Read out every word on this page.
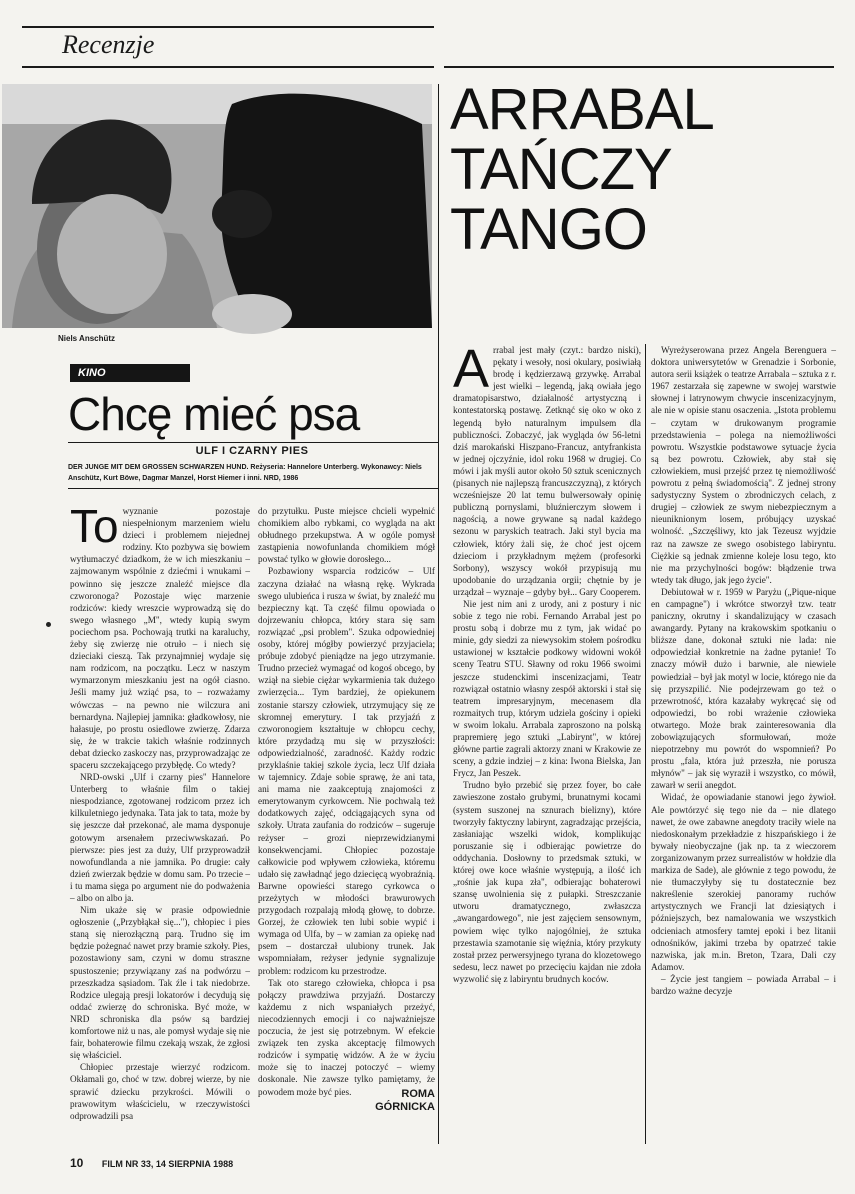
Recenzje
Niels Anschütz
KINO
Chcę mieć psa
ULF I CZARNY PIES
DER JUNGE MIT DEM GROSSEN SCHWARZEN HUND. Reżyseria: Hannelore Unterberg. Wykonawcy: Niels Anschütz, Kurt Böwe, Dagmar Manzel, Horst Hiemer i inni. NRD, 1986
To wyznanie pozostaje niespełnionym marzeniem wielu dzieci i problemem niejednej rodziny. Kto pozbywa się bowiem wytłumaczyć dziadkom, że w ich mieszkaniu – zajmowanym wspólnie z dziećmi i wnukami – powinno się jeszcze znaleźć miejsce dla czworonoga? Pozostaje więc marzenie rodziców: kiedy wreszcie wyprowadzą się do swego własnego „M", wtedy kupią swym pociechom psa. Pochowają trutki na karaluchy, żeby się zwierzę nie otruło – i niech się dzieciaki cieszą. Tak przynajmniej wydaje się nam rodzicom, na początku. Lecz w naszym wymarzonym mieszkaniu jest na ogół ciasno. Jeśli mamy już wziąć psa, to – rozważamy wówczas – na pewno nie wilczura ani bernardyna. Najlepiej jamnika: gładkowłosy, nie hałasuje, po prostu osiedlowe zwierzę. Zdarza się, że w trakcie takich właśnie rodzinnych debat dziecko zaskoczy nas, przyprowadzając ze spaceru szczekającego przybłędę. Co wtedy?

NRD-owski „Ulf i czarny pies" Hannelore Unterberg to właśnie film o takiej niespodziance, zgotowanej rodzicom przez ich kilkuletniego jedynaka. Tata jak to tata, może by się jeszcze dał przekonać, ale mama dysponuje gotowym arsenałem przeciwwskazań. Po pierwsze: pies jest za duży, Ulf przyprowadził nowofundlanda a nie jamnika. Po drugie: cały dzień zwierzak będzie w domu sam. Po trzecie – i tu mama sięga po argument nie do podważenia – albo on albo ja.

Nim ukaże się w prasie odpowiednie ogłoszenie („Przybłąkał się..."), chłopiec i pies staną się nierozłączną parą. Trudno się im będzie pożegnać nawet przy bramie szkoły. Pies, pozostawiony sam, czyni w domu straszne spustoszenie; przywiązany zaś na podwórzu – przeszkadza sąsiadom. Tak źle i tak niedobrze. Rodzice ulegają presji lokatorów i decydują się oddać zwierzę do schroniska. Być może, w NRD schroniska dla psów są bardziej komfortowe niż u nas, ale pomysł wydaje się nie fair, bohaterowie filmu czekają wszak, że zgłosi się właściciel.

Chłopiec przestaje wierzyć rodzicom. Okłamali go, choć w tzw. dobrej wierze, by nie sprawić dziecku przykrości. Mówili o prawowitym właścicielu, w rzeczywistości odprowadzili psa

do przytułku. Puste miejsce chcieli wypełnić chomikiem albo rybkami, co wygląda na akt obłudnego przekupstwa. A w ogóle pomysł zastąpienia nowofunlanda chomikiem mógł powstać tylko w głowie dorosłego...

Pozbawiony wsparcia rodziców – Ulf zaczyna działać na własną rękę. Wykrada swego ulubieńca i rusza w świat, by znaleźć mu bezpieczny kąt. Ta część filmu opowiada o dojrzewaniu chłopca, który stara się sam rozwiązać „psi problem". Szuka odpowiedniej osoby, której mógłby powierzyć przyjaciela; próbuje zdobyć pieniądze na jego utrzymanie. Trudno przecież wymagać od kogoś obcego, by wziął na siebie ciężar wykarmienia tak dużego zwierzęcia... Tym bardziej, że opiekunem zostanie starszy człowiek, utrzymujący się ze skromnej emerytury. I tak przyjaźń z czworonogiem kształtuje w chłopcu cechy, które przydadzą mu się w przyszłości: odpowiedzialność, zaradność. Każdy rodzic przyklaśnie takiej szkole życia, lecz Ulf działa w tajemnicy. Zdaje sobie sprawę, że ani tata, ani mama nie zaakceptują znajomości z emerytowanym cyrkowcem. Nie pochwalą też dodatkowych zajęć, odciągających syna od szkoły. Utrata zaufania do rodziców – sugeruje reżyser – grozi nieprzewidzianymi konsekwencjami. Chłopiec pozostaje całkowicie pod wpływem człowieka, któremu udało się zawładnąć jego dziecięcą wyobraźnią. Barwne opowieści starego cyrkowca o przeżytych w młodości brawurowych przygodach rozpalają młodą głowę, to dobrze. Gorzej, że człowiek ten lubi sobie wypić i wymaga od Ulfa, by – w zamian za opiekę nad psem – dostarczał ulubiony trunek. Jak wspomniałam, reżyser jedynie sygnalizuje problem: rodzicom ku przestrodze.

Tak oto starego człowieka, chłopca i psa połączy prawdziwa przyjaźń. Dostarczy każdemu z nich wspaniałych przeżyć, niecodziennych emocji i co najważniejsze poczucia, że jest się potrzebnym. W efekcie związek ten zyska akceptację filmowych rodziców i sympatię widzów. A że w życiu może się to inaczej potoczyć – wiemy doskonale. Nie zawsze tylko pamiętamy, że powodem może być pies.	ROMA
GÓRNICKA
ARRABAL
TAŃCZY
TANGO
A rrabal jest mały (czyt.: bardzo niski), pękaty i wesoły, nosi okulary, posiwiałą brodę i kędzierzawą grzywkę. Arrabal jest wielki – legendą, jaką owiała jego dramatopisarstwo, działalność artystyczną i kontestatorską postawę. Zetknąć się oko w oko z legendą było naturalnym impulsem dla publiczności. Zobaczyć, jak wygląda ów 56-letni dziś marokański Hiszpano-Francuz, antyfrankista w jednej ojczyźnie, idol roku 1968 w drugiej. Co mówi i jak myśli autor około 50 sztuk scenicznych (pisanych nie najlepszą francuszczyzną), z których wcześniejsze 20 lat temu bulwersowały opinię publiczną pornyslami, bluźnierczym słowem i nagością, a nowe grywane są nadal każdego sezonu w paryskich teatrach. Jaki styl bycia ma człowiek, który żali się, że choć jest ojcem dzieciom i przykładnym mężem (profesorki Sorbony), wszyscy wokół przypisują mu upodobanie do urządzania orgii; chętnie by je urządzał – wyznaje – gdyby był... Gary Cooperem.

Nie jest nim ani z urody, ani z postury i nic sobie z tego nie robi. Fernando Arrabal jest po prostu sobą i dobrze mu z tym, jak widać po minie, gdy siedzi za niewysokim stołem pośrodku ustawionej w kształcie podkowy widowni wokół sceny Teatru STU. Sławny od roku 1966 swoimi jeszcze studenckimi inscenizacjami, Teatr rozwiązał ostatnio własny zespół aktorski i stał się teatrem impresaryjnym, mecenasem dla rozmaitych trup, którym udziela gościny i opieki w swoim lokalu. Arrabala zaproszono na polską prapremierę jego sztuki „Labirynt", w której główne partie zagrali aktorzy znani w Krakowie ze sceny, a gdzie indziej – z kina: Iwona Bielska, Jan Frycz, Jan Peszek.

Trudno było przebić się przez foyer, bo całe zawieszone zostało grubymi, brunatnymi kocami (system suszonej na sznurach bielizny), które tworzyły faktyczny labirynt, zagradzając przejścia, zasłaniając wszelki widok, komplikując poruszanie się i odbierając powietrze do oddychania. Dosłowny to przedsmak sztuki, w której owe koce właśnie występują, a ilość ich „rośnie jak kupa zła", odbierając bohaterowi szansę uwolnienia się z pułapki. Streszczanie utworu dramatycznego, zwłaszcza „awangardowego", nie jest zajęciem sensownym, powiem więc tylko najogólniej, że sztuka przestawia szamotanie się więźnia, który przykuty został przez perwersyjnego tyrana do klozetowego sedesu, lecz nawet po przecięciu kajdan nie zdoła wyzwolić się z labiryntu brudnych koców.

Wyreżyserowana przez Angela Berenguera – doktora uniwersytetów w Grenadzie i Sorbonie, autora serii książek o teatrze Arrabala – sztuka z r. 1967 zestarzała się zapewne w swojej warstwie słownej i latrynowym chwycie inscenizacyjnym, ale nie w opisie stanu osaczenia. „Istota problemu – czytam w drukowanym programie przedstawienia – polega na niemożliwości powrotu. Wszystkie podstawowe sytuacje życia są bez powrotu. Człowiek, aby stał się człowiekiem, musi przejść przez tę niemożliwość powrotu z pełną świadomością". Z jednej strony sadystyczny System o zbrodniczych celach, z drugiej – człowiek ze swym niebezpiecznym a nieuniknionym losem, próbujący uzyskać wolność. „Szczęśliwy, kto jak Tezeusz wyjdzie raz na zawsze ze swego osobistego labiryntu. Ciężkie są jednak zmienne koleje losu tego, kto nie ma przychylności bogów: błądzenie trwa wtedy tak długo, jak jego życie".

Debiutował w r. 1959 w Paryżu („Pique-nique en campagne") i wkrótce stworzył tzw. teatr paniczny, okrutny i skandalizujący w czasach awangardy. Pytany na krakowskim spotkaniu o bliższe dane, dokonał sztuki nie lada: nie odpowiedział konkretnie na żadne pytanie! To znaczy mówił dużo i barwnie, ale niewiele powiedział – był jak motyl w locie, którego nie da się przyszpilić. Nie podejrzewam go też o przewrotność, która kazałaby wykręcać się od odpowiedzi, bo robi wrażenie człowieka otwartego. Może brak zainteresowania dla zobowiązujących sformułowań, może niepotrzebny mu powrót do wspomnień? Po prostu „fala, która już przeszła, nie porusza młynów" – jak się wyraził i wszystko, co mówił, zawarł w serii anegdot.

Widać, że opowiadanie stanowi jego żywioł. Ale powtórzyć się tego nie da – nie dlatego nawet, że owe zabawne anegdoty traciły wiele na niedoskonałym przekładzie z hiszpańskiego i że bywały nieobyczajne (jak np. ta z wieczorem zorganizowanym przez surrealistów w hołdzie dla markiza de Sade), ale głównie z tego powodu, że nie tłumaczyłyby się tu dostatecznie bez nakreślenie szerokiej panoramy ruchów artystycznych we Francji lat dziesiątych i późniejszych, bez namalowania we wszystkich odcieniach atmosfery tamtej epoki i bez litanii odnośników, jakimi trzeba by opatrzeć takie nazwiska, jak m.in. Breton, Tzara, Dali czy Adamov.

– Życie jest tangiem – powiada Arrabal – i bardzo ważne decyzje

10 FILM NR 33, 14 SIERPNIA 1988
